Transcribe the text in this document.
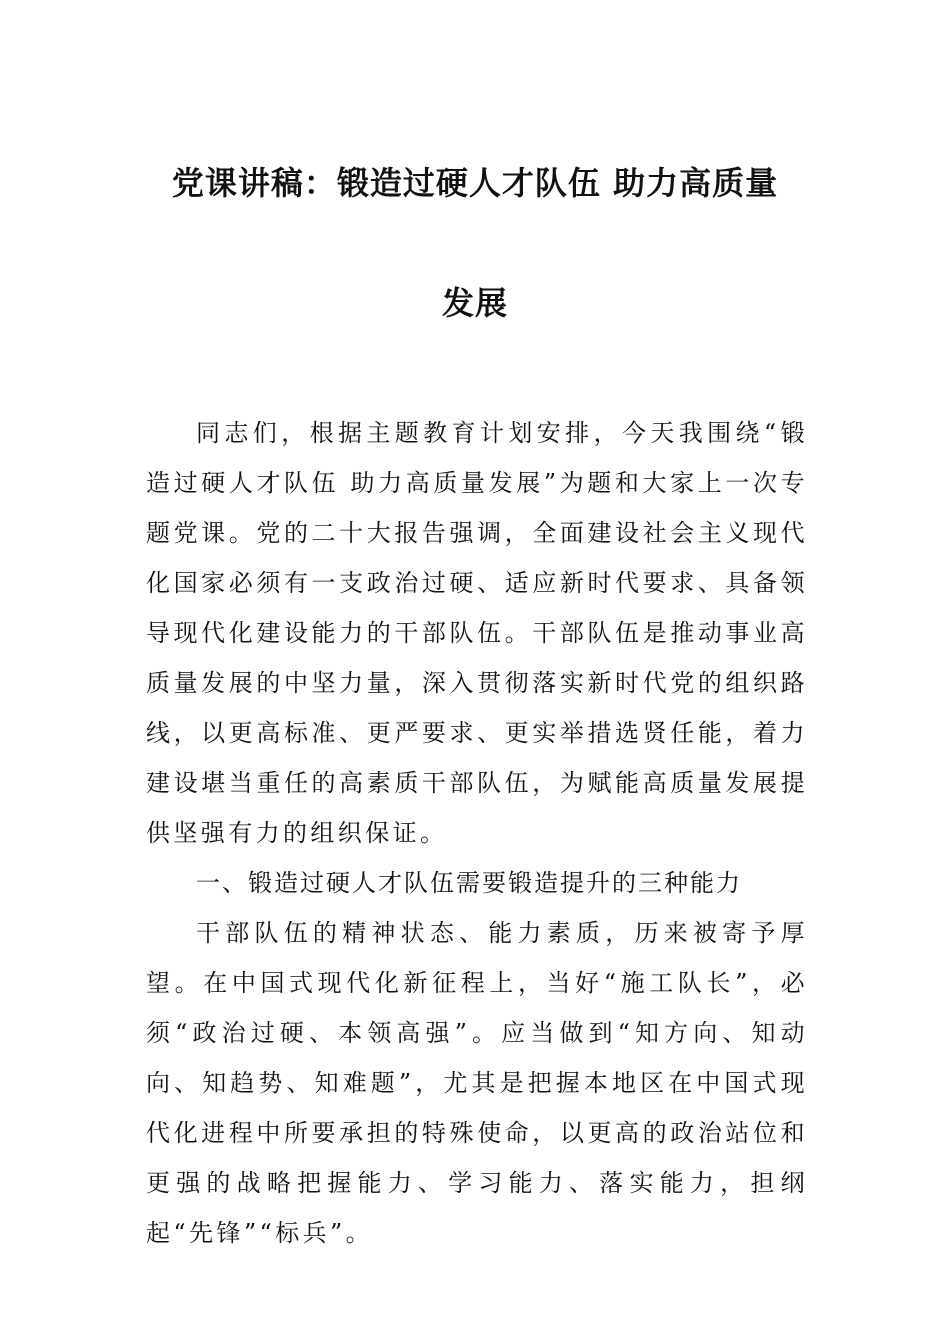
党课讲稿：锻造过硬人才队伍 助力高质量
发展

同志们，根据主题教育计划安排，今天我围绕“锻造过硬人才队伍 助力高质量发展”为题和大家上一次专题党课。党的二十大报告强调，全面建设社会主义现代化国家必须有一支政治过硬、适应新时代要求、具备领导现代化建设能力的干部队伍。干部队伍是推动事业高质量发展的中坚力量，深入贯彻落实新时代党的组织路线，以更高标准、更严要求、更实举措选贤任能，着力建设堪当重任的高素质干部队伍，为赋能高质量发展提供坚强有力的组织保证。

一、锻造过硬人才队伍需要锻造提升的三种能力

干部队伍的精神状态、能力素质，历来被寄予厚望。在中国式现代化新征程上，当好“施工队长”，必须“政治过硬、本领高强”。应当做到“知方向、知动向、知趋势、知难题”，尤其是把握本地区在中国式现代化进程中所要承担的特殊使命，以更高的政治站位和更强的战略把握能力、学习能力、落实能力，担纲起“先锋”“标兵”。
